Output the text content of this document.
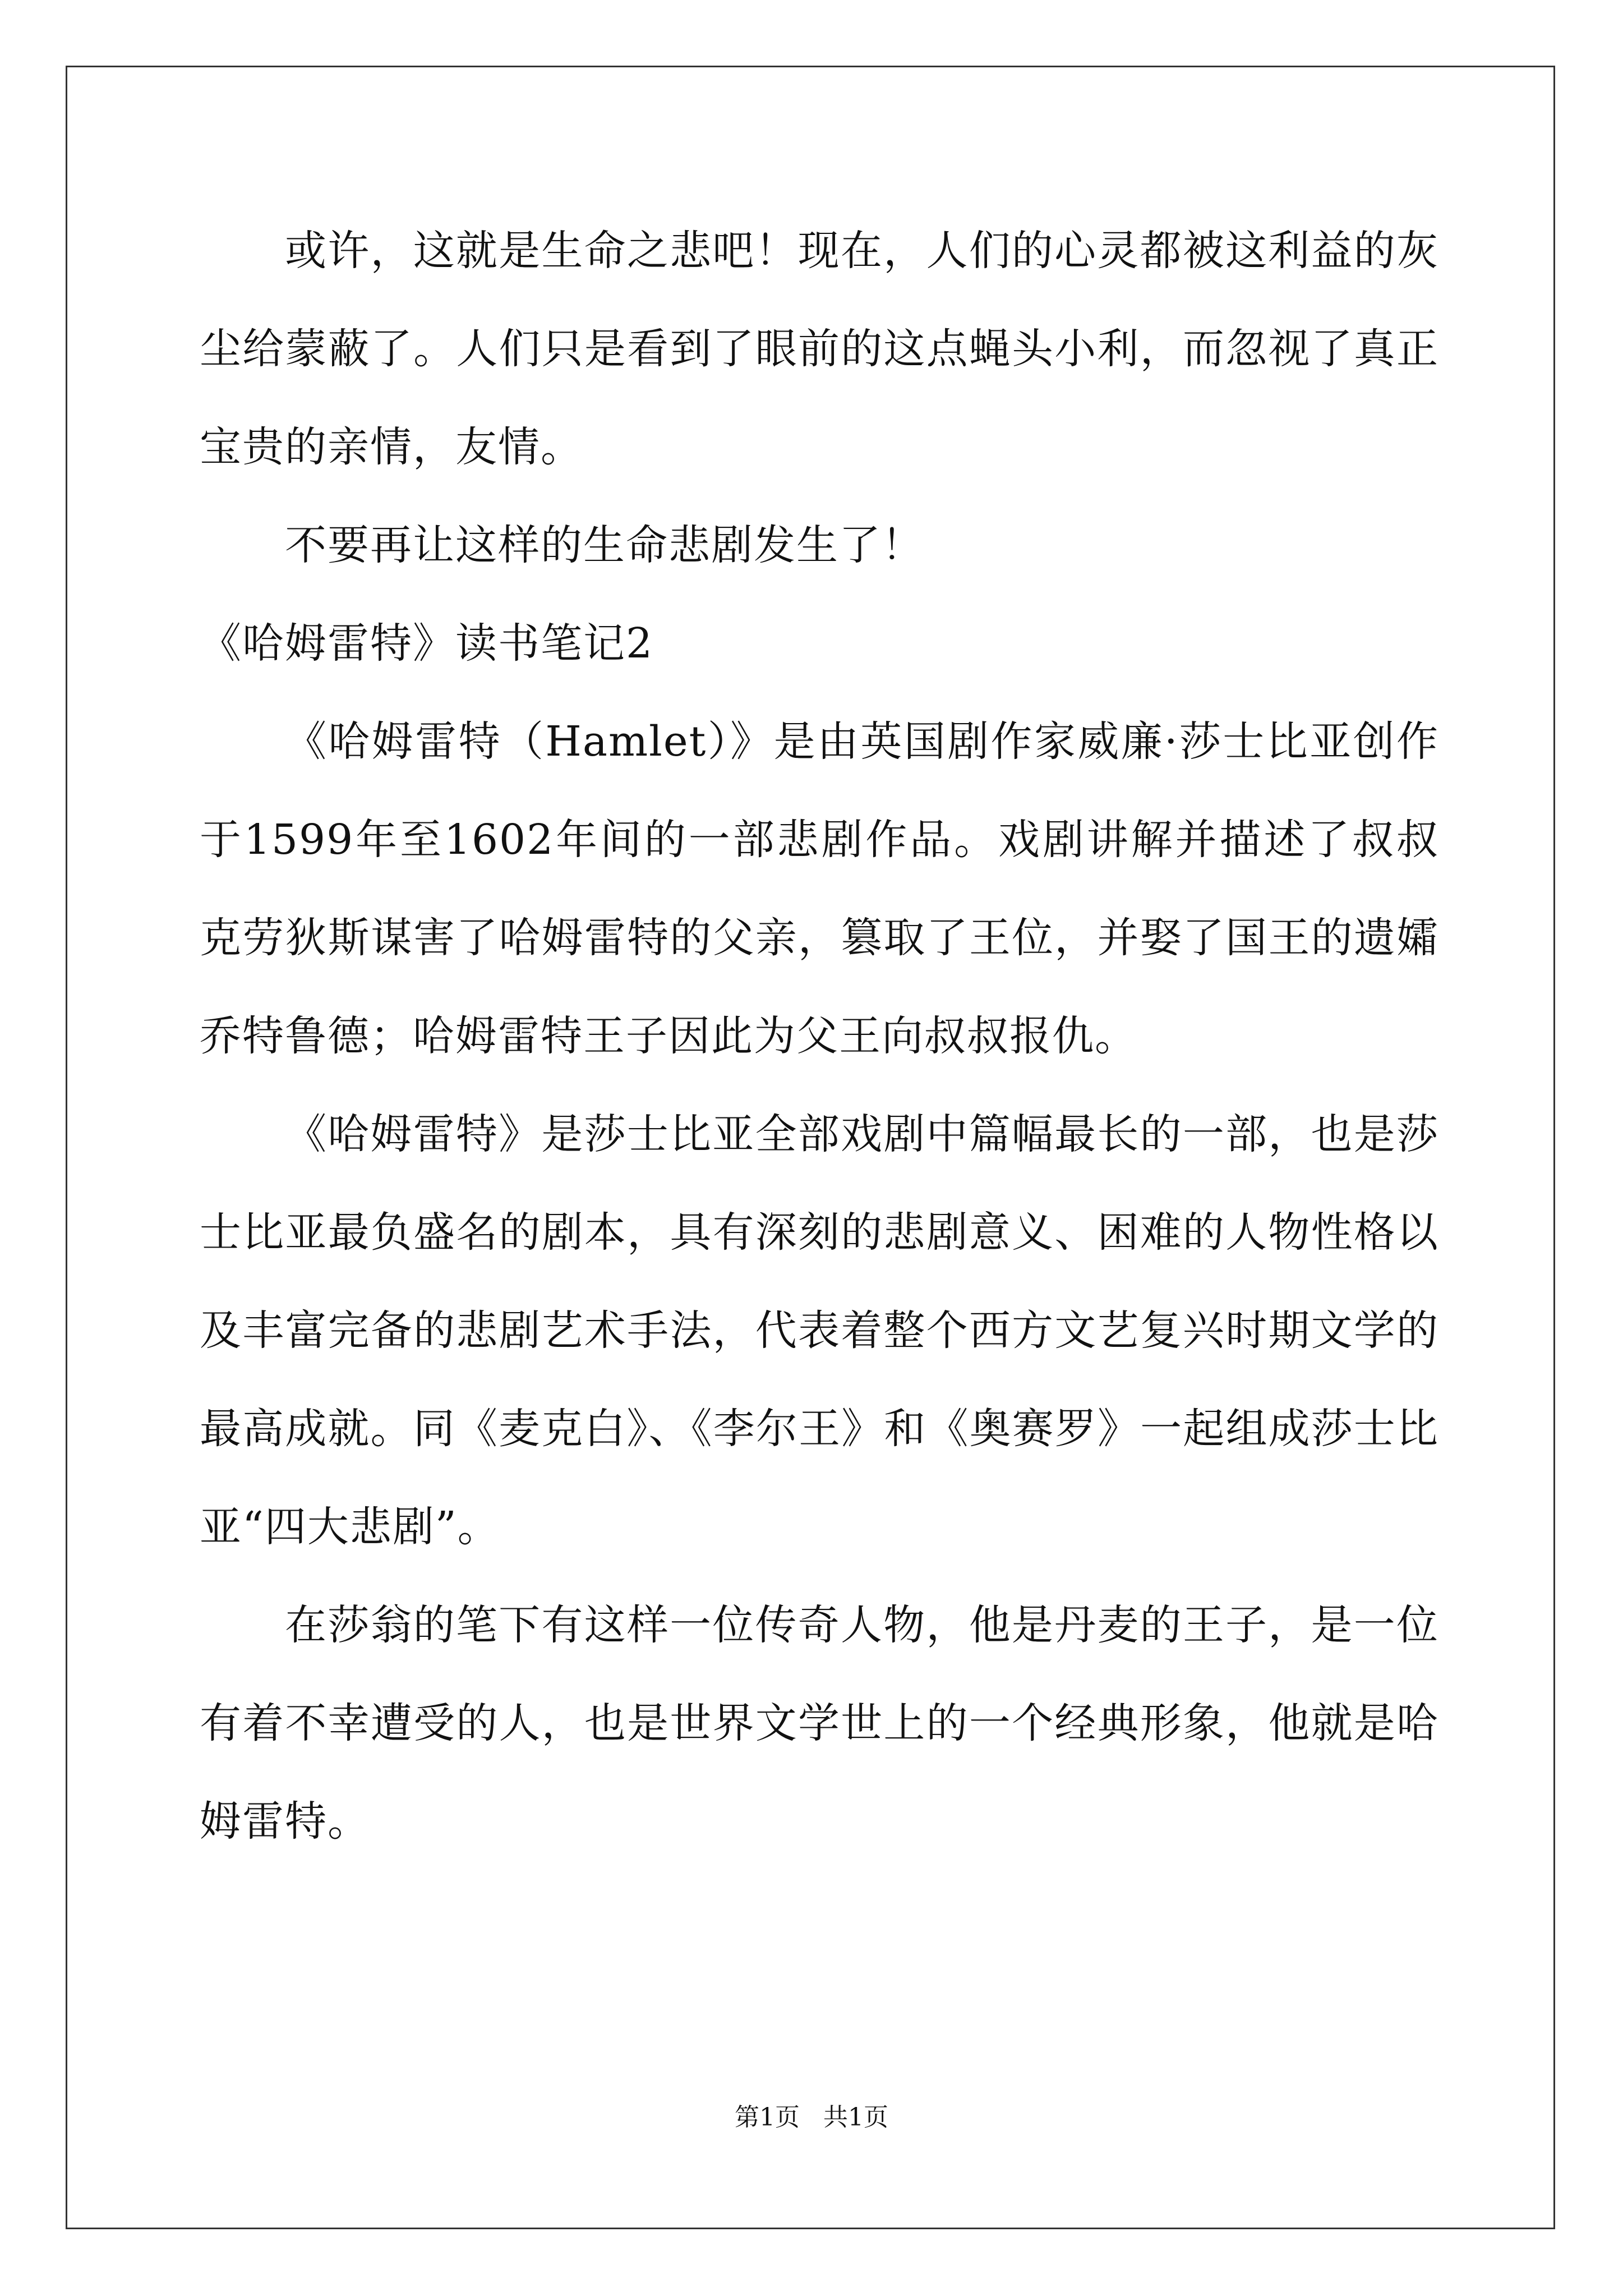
或许，这就是生命之悲吧！现在，人们的心灵都被这利益的灰尘给蒙蔽了。人们只是看到了眼前的这点蝇头小利，而忽视了真正宝贵的亲情，友情。

不要再让这样的生命悲剧发生了！

《哈姆雷特》读书笔记2

《哈姆雷特（Hamlet）》是由英国剧作家威廉·莎士比亚创作于1599年至1602年间的一部悲剧作品。戏剧讲解并描述了叔叔克劳狄斯谋害了哈姆雷特的父亲，篡取了王位，并娶了国王的遗孀乔特鲁德；哈姆雷特王子因此为父王向叔叔报仇。

《哈姆雷特》是莎士比亚全部戏剧中篇幅最长的一部，也是莎士比亚最负盛名的剧本，具有深刻的悲剧意义、困难的人物性格以及丰富完备的悲剧艺术手法，代表着整个西方文艺复兴时期文学的最高成就。同《麦克白》、《李尔王》和《奥赛罗》一起组成莎士比亚“四大悲剧”。

在莎翁的笔下有这样一位传奇人物，他是丹麦的王子，是一位有着不幸遭受的人，也是世界文学世上的一个经典形象，他就是哈姆雷特。

第1页   共1页
